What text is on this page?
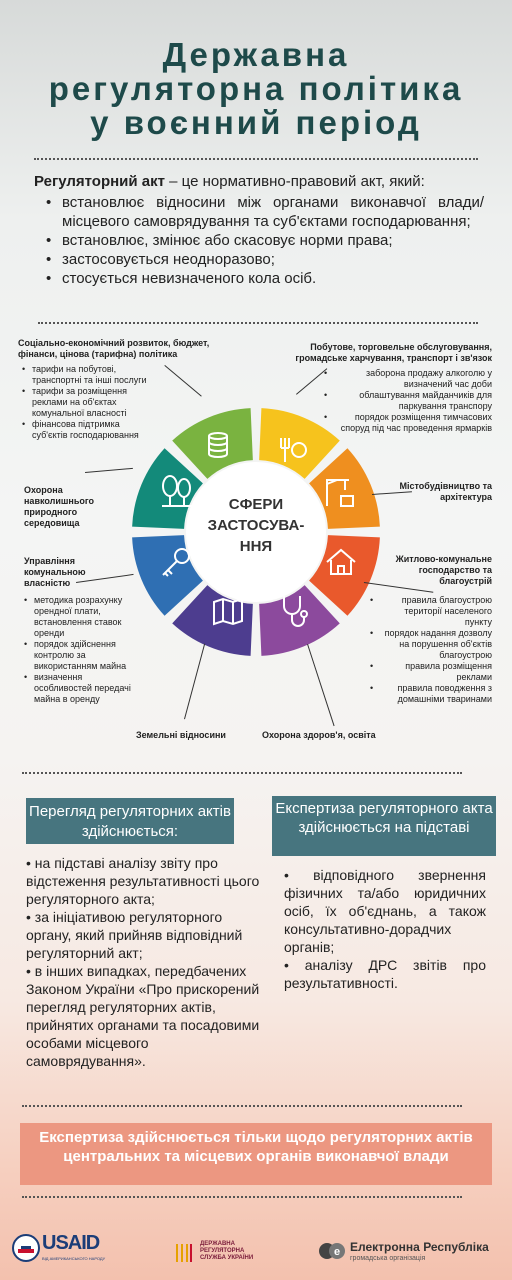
Державна
регуляторна політика
у воєнний період
Регуляторний акт – це нормативно-правовий акт, який:
• встановлює відносини між органами виконавчої влади/місцевого самоврядування та суб'єктами господарювання;
• встановлює, змінює або скасовує норми права;
• застосовується неодноразово;
• стосується невизначеного кола осіб.
СФЕРИ
ЗАСТОСУВА-
ННЯ
Соціально-економічний розвиток, бюджет, фінанси, цінова (тарифна) політика
• тарифи на побутові, транспортні та інші послуги
• тарифи за розміщення реклами на об'єктах комунальної власності
• фінансова підтримка суб'єктів господарювання
Охорона навколишнього природного середовища
Управління комунальною власністю
• методика розрахунку орендної плати, встановлення ставок оренди
• порядок здійснення контролю за використанням майна
• визначення особливостей передачі майна в оренду
Земельні відносини
Побутове, торговельне обслуговування, громадське харчування, транспорт і зв'язок
• заборона продажу алкоголю у визначений час доби
• облаштування майданчиків для паркування транспору
• порядок розміщення тимчасових споруд під час проведення ярмарків
Містобудівництво та архітектура
Житлово-комунальне господарство та благоустрій
• правила благоустрою території населеного пункту
• порядок надання дозволу на порушення об'єктів благоустрою
• правила розміщення реклами
• правила поводження з домашніми тваринами
Охорона здоров'я, освіта
Перегляд регуляторних актів здійснюється:

• на підставі аналізу звіту про відстеження результативності цього регуляторного акта;

• за ініціативою регуляторного органу, який прийняв відповідний регуляторний акт;

• в інших випадках, передбачених Законом України «Про прискорений перегляд регуляторних актів, прийнятих органами та посадовими особами місцевого самоврядування».

Експертиза регуляторного акта здійснюється на підставі

• відповідного звернення фізичних та/або юридичних осіб, їх об'єднань, а також консультативно-дорадчих органів;

• аналізу ДРС звітів про результативності.

Експертиза здійснюється тільки щодо регуляторних актів центральних та місцевих органів виконавчої влади
USAID
ВІД АМЕРИКАНСЬКОГО НАРОДУ
ДЕРЖАВНА
РЕГУЛЯТОРНА
СЛУЖБА УКРАЇНИ	e Електронна Республіка
громадська організація
